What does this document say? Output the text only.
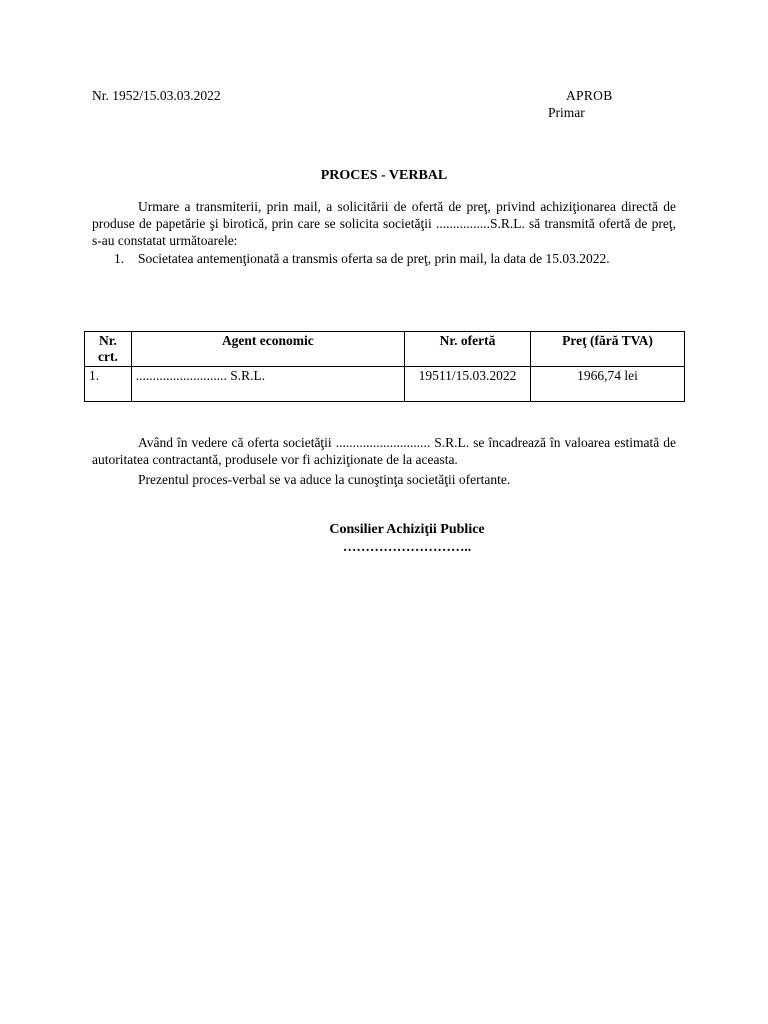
Nr. 1952/15.03.03.2022	APROB
Primar
PROCES - VERBAL
Urmare a transmiterii, prin mail, a solicitării de ofertă de preţ, privind achiziţionarea directă de produse de papetărie şi birotică, prin care se solicita societăţii ................S.R.L. să transmită ofertă de preţ, s-au constatat următoarele:
1.	Societatea antemenţionată a transmis oferta sa de preţ, prin mail, la data de 15.03.2022.
Nr. crt.	Agent economic	Nr. ofertă	Preţ (fără TVA)
1.	........................... S.R.L.	19511/15.03.2022	1966,74 lei
Având în vedere că oferta societăţii ............................ S.R.L. se încadrează în valoarea estimată de autoritatea contractantă, produsele vor fi achiziţionate de la aceasta.
Prezentul proces-verbal se va aduce la cunoştinţa societăţii ofertante.
Consilier Achiziţii Publice
………………………..
